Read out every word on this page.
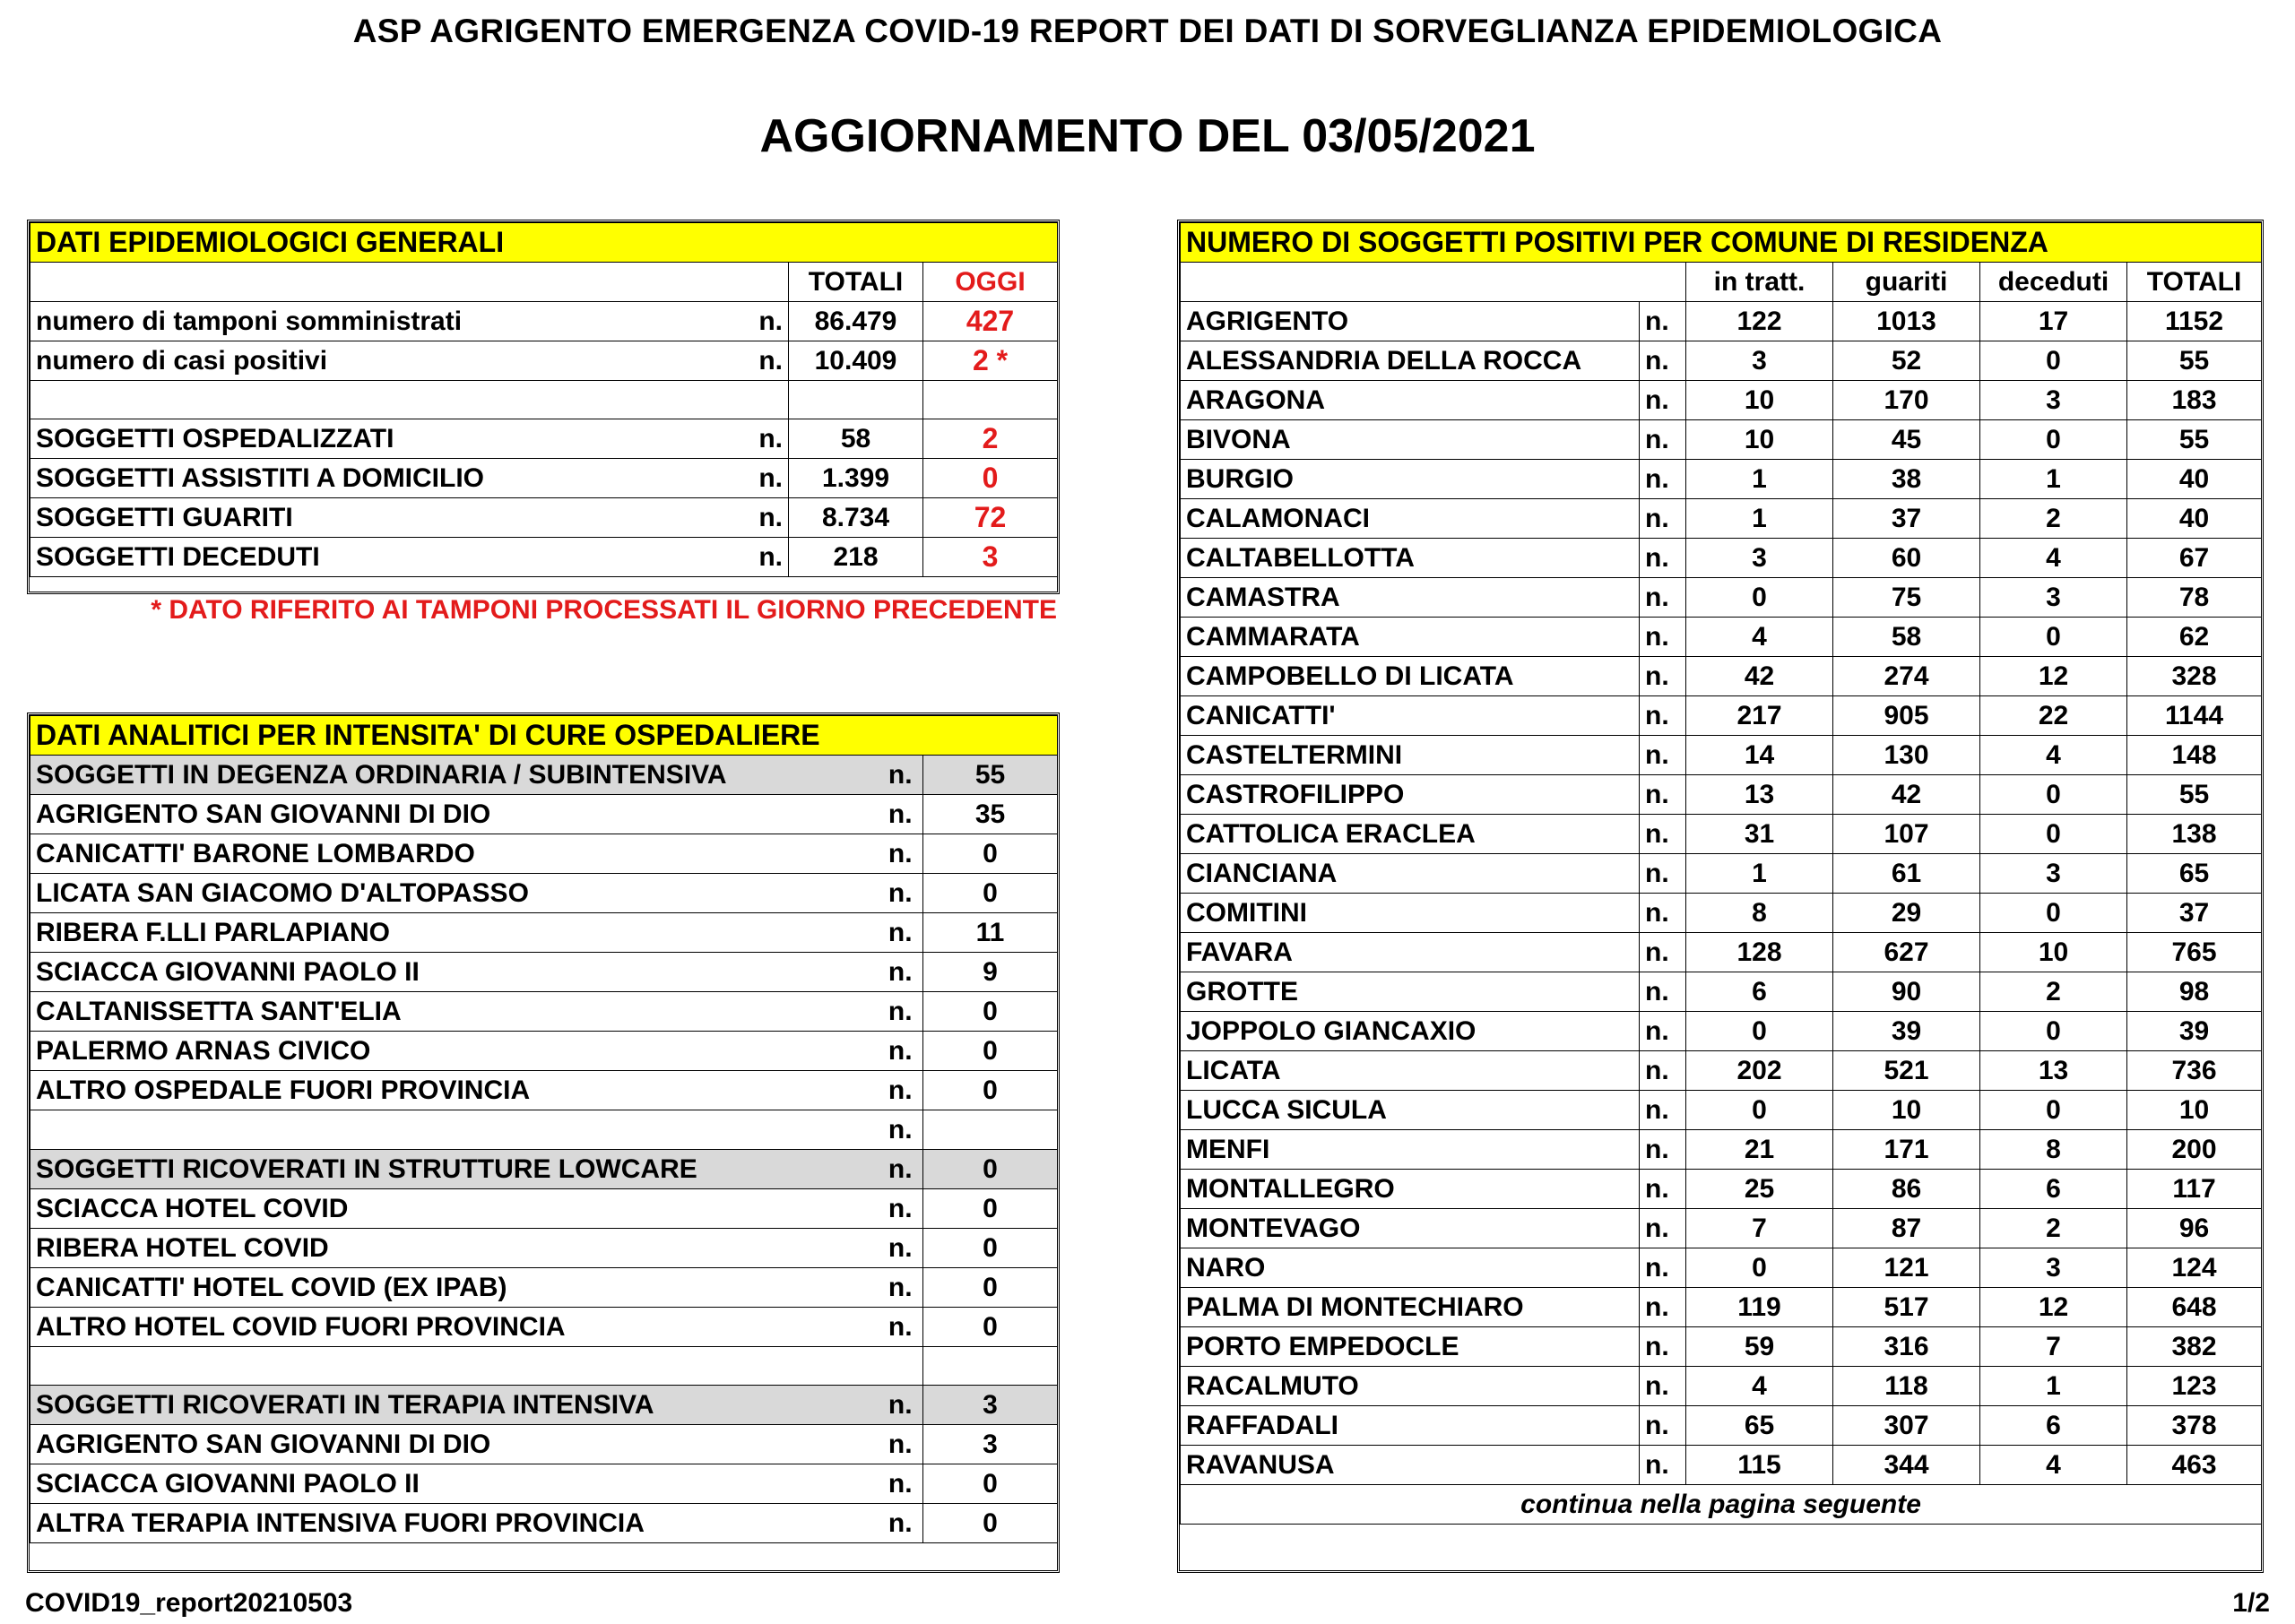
ASP AGRIGENTO EMERGENZA COVID-19 REPORT DEI DATI DI SORVEGLIANZA EPIDEMIOLOGICA
AGGIORNAMENTO DEL 03/05/2021
DATI EPIDEMIOLOGICI GENERALI			
		TOTALI	OGGI
numero di tamponi somministrati	n.	86.479	427
numero di casi positivi	n.	10.409	2 *

SOGGETTI OSPEDALIZZATI	n.	58	2
SOGGETTI ASSISTITI A DOMICILIO	n.	1.399	0
SOGGETTI GUARITI	n.	8.734	72
SOGGETTI DECEDUTI	n.	218	3
* DATO RIFERITO AI TAMPONI PROCESSATI IL GIORNO PRECEDENTE
DATI ANALITICI PER INTENSITA' DI CURE OSPEDALIERE		
SOGGETTI IN DEGENZA ORDINARIA / SUBINTENSIVA	n.	55
AGRIGENTO SAN GIOVANNI DI DIO	n.	35
CANICATTI' BARONE LOMBARDO	n.	0
LICATA SAN GIACOMO D'ALTOPASSO	n.	0
RIBERA F.LLI PARLAPIANO	n.	11
SCIACCA GIOVANNI PAOLO II	n.	9
CALTANISSETTA SANT'ELIA	n.	0
PALERMO ARNAS CIVICO	n.	0
ALTRO OSPEDALE FUORI PROVINCIA	n.	0
	n.	
SOGGETTI RICOVERATI IN STRUTTURE LOWCARE	n.	0
SCIACCA HOTEL COVID	n.	0
RIBERA HOTEL COVID	n.	0
CANICATTI' HOTEL COVID (EX IPAB)	n.	0
ALTRO HOTEL COVID FUORI PROVINCIA	n.	0

SOGGETTI RICOVERATI IN TERAPIA INTENSIVA	n.	3
AGRIGENTO SAN GIOVANNI DI DIO	n.	3
SCIACCA GIOVANNI PAOLO II	n.	0
ALTRA TERAPIA INTENSIVA FUORI PROVINCIA	n.	0
NUMERO DI SOGGETTI POSITIVI PER COMUNE DI RESIDENZA					
		in tratt.	guariti	deceduti	TOTALI
AGRIGENTO	n.	122	1013	17	1152
ALESSANDRIA DELLA ROCCA	n.	3	52	0	55
ARAGONA	n.	10	170	3	183
BIVONA	n.	10	45	0	55
BURGIO	n.	1	38	1	40
CALAMONACI	n.	1	37	2	40
CALTABELLOTTA	n.	3	60	4	67
CAMASTRA	n.	0	75	3	78
CAMMARATA	n.	4	58	0	62
CAMPOBELLO DI LICATA	n.	42	274	12	328
CANICATTI'	n.	217	905	22	1144
CASTELTERMINI	n.	14	130	4	148
CASTROFILIPPO	n.	13	42	0	55
CATTOLICA ERACLEA	n.	31	107	0	138
CIANCIANA	n.	1	61	3	65
COMITINI	n.	8	29	0	37
FAVARA	n.	128	627	10	765
GROTTE	n.	6	90	2	98
JOPPOLO GIANCAXIO	n.	0	39	0	39
LICATA	n.	202	521	13	736
LUCCA SICULA	n.	0	10	0	10
MENFI	n.	21	171	8	200
MONTALLEGRO	n.	25	86	6	117
MONTEVAGO	n.	7	87	2	96
NARO	n.	0	121	3	124
PALMA DI MONTECHIARO	n.	119	517	12	648
PORTO EMPEDOCLE	n.	59	316	7	382
RACALMUTO	n.	4	118	1	123
RAFFADALI	n.	65	307	6	378
RAVANUSA	n.	115	344	4	463
continua nella pagina seguente					
COVID19_report20210503	1/2
